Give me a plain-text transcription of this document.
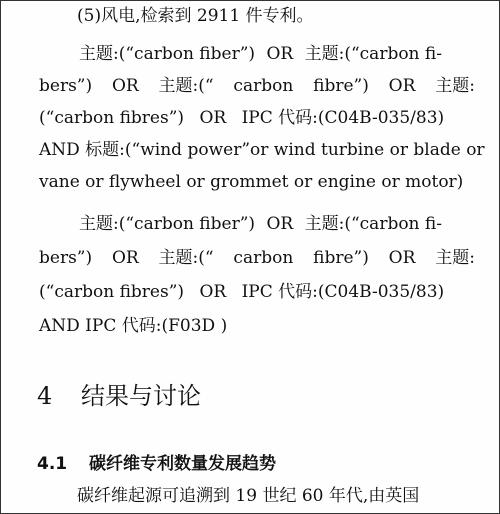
(5)风电,检索到 2911 件专利。
主题:(“carbon fiber”) OR 主题:(“carbon fi-
bers”) OR 主题:(“ carbon fibre”) OR 主题:
(“carbon fibres”) OR IPC 代码:(C04B-035/83)
AND 标题:(“wind power”or wind turbine or blade or
vane or flywheel or grommet or engine or motor)
主题:(“carbon fiber”) OR 主题:(“carbon fi-
bers”) OR 主题:(“ carbon fibre”) OR 主题:
(“carbon fibres”) OR IPC 代码:(C04B-035/83)
AND IPC 代码:(F03D )
4 结果与讨论
4.1 碳纤维专利数量发展趋势
碳纤维起源可追溯到 19 世纪 60 年代,由英国
